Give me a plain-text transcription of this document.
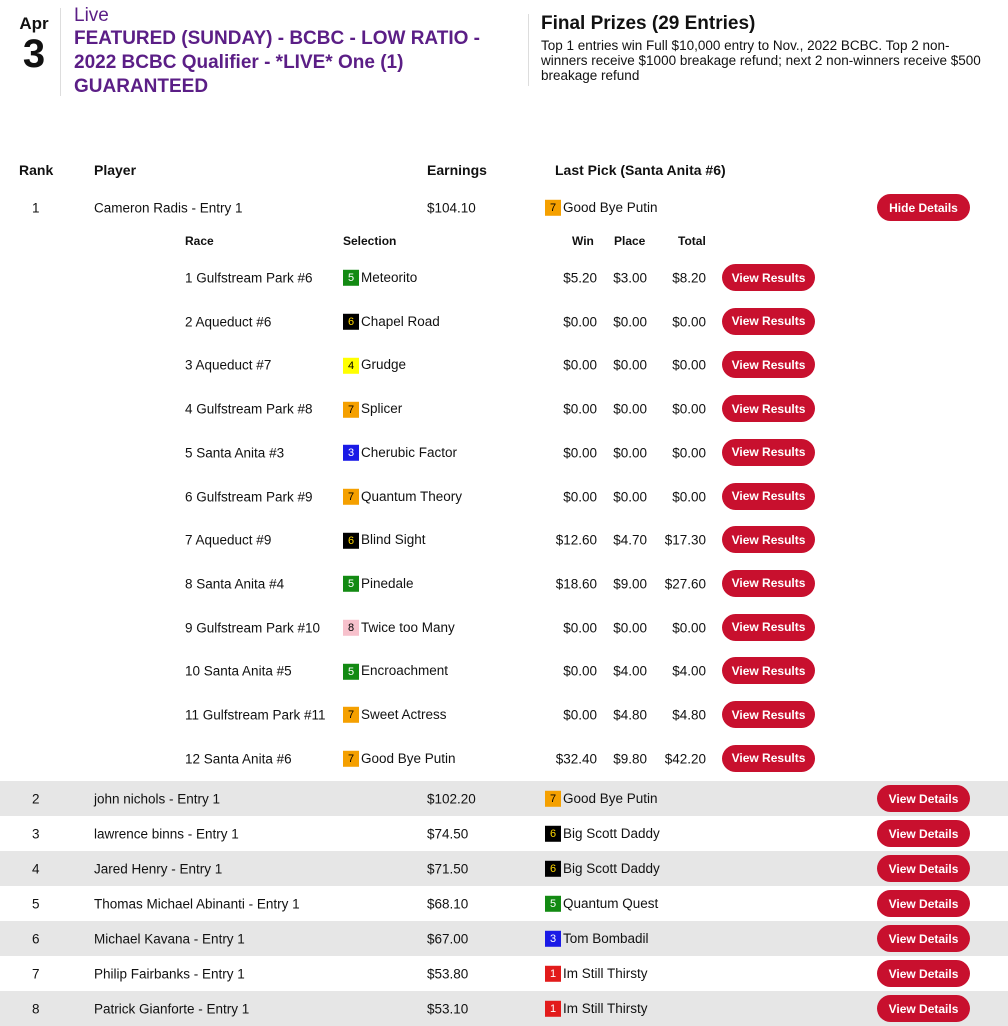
Apr
3
Live
FEATURED (SUNDAY) - BCBC - LOW RATIO - 2022 BCBC Qualifier - *LIVE* One (1) GUARANTEED
Final Prizes (29 Entries)
Top 1 entries win Full $10,000 entry to Nov., 2022 BCBC. Top 2 non-winners receive $1000 breakage refund; next 2 non-winners receive $500 breakage refund
Rank	Player	Earnings	Last Pick (Santa Anita #6)
1	Cameron Radis - Entry 1	$104.10	7 Good Bye Putin	Hide Details
2	john nichols - Entry 1	$102.20	7 Good Bye Putin	View Details
3	lawrence binns - Entry 1	$74.50	6 Big Scott Daddy	View Details
4	Jared Henry - Entry 1	$71.50	6 Big Scott Daddy	View Details
5	Thomas Michael Abinanti - Entry 1	$68.10	5 Quantum Quest	View Details
6	Michael Kavana - Entry 1	$67.00	3 Tom Bombadil	View Details
7	Philip Fairbanks - Entry 1	$53.80	1 Im Still Thirsty	View Details
8	Patrick Gianforte - Entry 1	$53.10	1 Im Still Thirsty	View Details
Race	Selection	Win Place	Total
1 Gulfstream Park #6	5 Meteorito	$5.20 $3.00 $8.20	View Results
2 Aqueduct #6	6 Chapel Road	$0.00 $0.00 $0.00	View Results
3 Aqueduct #7	4 Grudge	$0.00 $0.00 $0.00	View Results
4 Gulfstream Park #8	7 Splicer	$0.00 $0.00 $0.00	View Results
5 Santa Anita #3	3 Cherubic Factor	$0.00 $0.00 $0.00	View Results
6 Gulfstream Park #9	7 Quantum Theory	$0.00 $0.00 $0.00	View Results
7 Aqueduct #9	6 Blind Sight	$12.60 $4.70 $17.30	View Results
8 Santa Anita #4	5 Pinedale	$18.60 $9.00 $27.60	View Results
9 Gulfstream Park #10	8 Twice too Many	$0.00 $0.00 $0.00	View Results
10 Santa Anita #5	5 Encroachment	$0.00 $4.00 $4.00	View Results
11 Gulfstream Park #11	7 Sweet Actress	$0.00 $4.80 $4.80	View Results
12 Santa Anita #6	7 Good Bye Putin	$32.40 $9.80 $42.20	View Results
